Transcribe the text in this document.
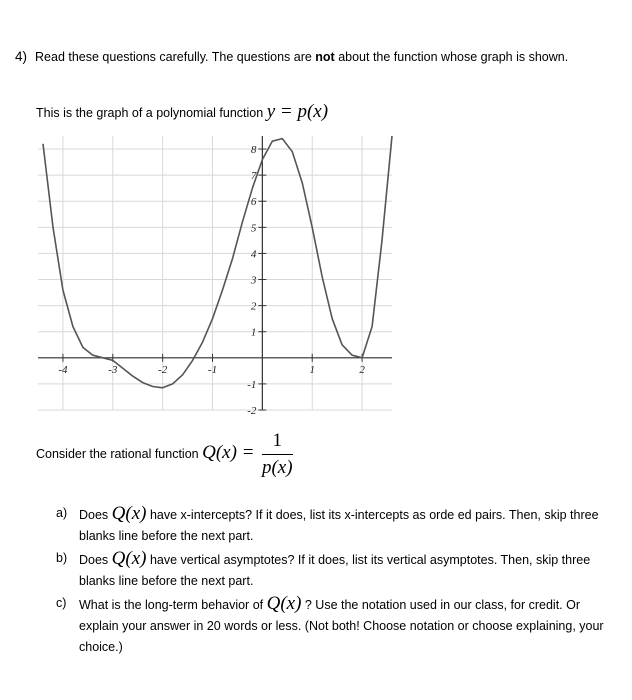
4) Read these questions carefully. The questions are not about the function whose graph is shown.
This is the graph of a polynomial function y = p(x)
-4	-3	-2	-1	1	2
8
7
6
5
4
3
2
1
-1
-2
Consider the rational function $Q(x) = \frac{1}{p(x)}$
a) Does Q(x) have x-intercepts? If it does, list its x-intercepts as orde ed pairs. Then, skip three blanks line before the next part.
b) Does Q(x) have vertical asymptotes? If it does, list its vertical asymptotes. Then, skip three blanks line before the next part.
c) What is the long-term behavior of Q(x) ? Use the notation used in our class, for credit. Or explain your answer in 20 words or less. (Not both! Choose notation or choose explaining, your choice.)
